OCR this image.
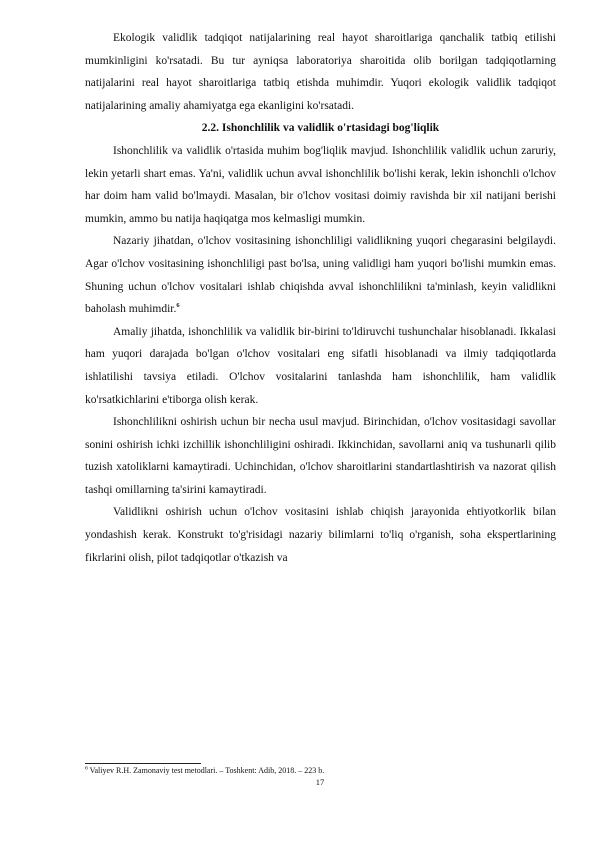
Ekologik validlik tadqiqot natijalarining real hayot sharoitlariga qanchalik tatbiq etilishi mumkinligini ko'rsatadi. Bu tur ayniqsa laboratoriya sharoitida olib borilgan tadqiqotlarning natijalarini real hayot sharoitlariga tatbiq etishda muhimdir. Yuqori ekologik validlik tadqiqot natijalarining amaliy ahamiyatga ega ekanligini ko'rsatadi.

2.2. Ishonchlilik va validlik o'rtasidagi bog'liqlik

Ishonchlilik va validlik o'rtasida muhim bog'liqlik mavjud. Ishonchlilik validlik uchun zaruriy, lekin yetarli shart emas. Ya'ni, validlik uchun avval ishonchlilik bo'lishi kerak, lekin ishonchli o'lchov har doim ham valid bo'lmaydi. Masalan, bir o'lchov vositasi doimiy ravishda bir xil natijani berishi mumkin, ammo bu natija haqiqatga mos kelmasligi mumkin.

Nazariy jihatdan, o'lchov vositasining ishonchliligi validlikning yuqori chegarasini belgilaydi. Agar o'lchov vositasining ishonchliligi past bo'lsa, uning validligi ham yuqori bo'lishi mumkin emas. Shuning uchun o'lchov vositalari ishlab chiqishda avval ishonchlilikni ta'minlash, keyin validlikni baholash muhimdir.$^6$

Amaliy jihatda, ishonchlilik va validlik bir-birini to'ldiruvchi tushunchalar hisoblanadi. Ikkalasi ham yuqori darajada bo'lgan o'lchov vositalari eng sifatli hisoblanadi va ilmiy tadqiqotlarda ishlatilishi tavsiya etiladi. O'lchov vositalarini tanlashda ham ishonchlilik, ham validlik ko'rsatkichlarini e'tiborga olish kerak.

Ishonchlilikni oshirish uchun bir necha usul mavjud. Birinchidan, o'lchov vositasidagi savollar sonini oshirish ichki izchillik ishonchliligini oshiradi. Ikkinchidan, savollarni aniq va tushunarli qilib tuzish xatoliklarni kamaytiradi. Uchinchidan, o'lchov sharoitlarini standartlashtirish va nazorat qilish tashqi omillarning ta'sirini kamaytiradi.

Validlikni oshirish uchun o'lchov vositasini ishlab chiqish jarayonida ehtiyotkorlik bilan yondashish kerak. Konstrukt to'g'risidagi nazariy bilimlarni to'liq o'rganish, soha ekspertlarining fikrlarini olish, pilot tadqiqotlar o'tkazish va

$^6$ Valiyev R.H. Zamonaviy test metodlari. – Toshkent: Adib, 2018. – 223 b.

17
